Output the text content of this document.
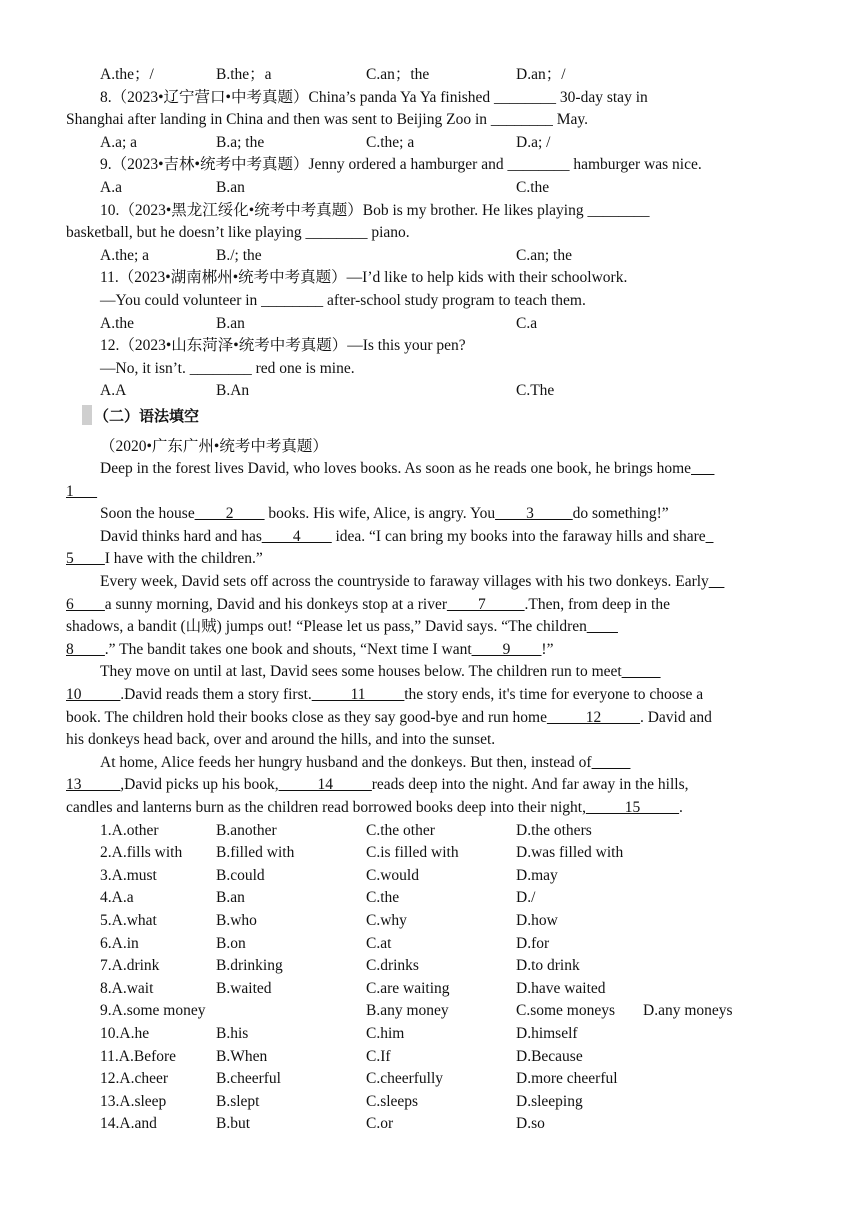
A.the；/	B.the；a	C.an；the	D.an；/
8.（2023•辽宁营口•中考真题）China’s panda Ya Ya finished ________ 30-day stay in
Shanghai after landing in China and then was sent to Beijing Zoo in ________ May.
A.a; a	B.a; the	C.the; a	D.a; /
9.（2023•吉林•统考中考真题）Jenny ordered a hamburger and ________ hamburger was nice.
A.a	B.an	C.the
10.（2023•黑龙江绥化•统考中考真题）Bob is my brother. He likes playing ________
basketball, but he doesn’t like playing ________ piano.
A.the; a	B./; the	C.an; the
11.（2023•湖南郴州•统考中考真题）—I’d like to help kids with their schoolwork.
—You could volunteer in ________ after-school study program to teach them.
A.the	B.an	C.a
12.（2023•山东菏泽•统考中考真题）—Is this your pen?
—No, it isn’t. ________ red one is mine.
A.A	B.An	C.The
（二）语法填空
（2020•广东广州•统考中考真题）
Deep in the forest lives David, who loves books. As soon as he reads one book, he brings home___
1___
Soon the house____2____ books. His wife, Alice, is angry. You____3_____do something!”
David thinks hard and has____4____ idea. “I can bring my books into the faraway hills and share_
5____I have with the children.”
Every week, David sets off across the countryside to faraway villages with his two donkeys. Early__
6____a sunny morning, David and his donkeys stop at a river____7_____.Then, from deep in the
shadows, a bandit (山贼) jumps out! “Please let us pass,” David says. “The children____
8____.” The bandit takes one book and shouts, “Next time I want____9____!”
They move on until at last, David sees some houses below. The children run to meet_____
10_____.David reads them a story first._____11_____the story ends, it's time for everyone to choose a
book. The children hold their books close as they say good-bye and run home_____12_____. David and
his donkeys head back, over and around the hills, and into the sunset.
At home, Alice feeds her hungry husband and the donkeys. But then, instead of_____
13_____,David picks up his book,_____14_____reads deep into the night. And far away in the hills,
candles and lanterns burn as the children read borrowed books deep into their night,_____15_____.
1.A.other	B.another	C.the other	D.the others
2.A.fills with B.filled with	C.is filled with	D.was filled with
3.A.must	B.could	C.would	D.may
4.A.a	B.an	C.the	D./
5.A.what	B.who	C.why	D.how
6.A.in	B.on	C.at	D.for
7.A.drink	B.drinking	C.drinks	D.to drink
8.A.wait	B.waited	C.are waiting	D.have waited
9.A.some money	B.any money	C.some moneys D.any moneys
10.A.he	B.his	C.him	D.himself
11.A.Before	B.When	C.If	D.Because
12.A.cheer	B.cheerful	C.cheerfully	D.more cheerful
13.A.sleep	B.slept	C.sleeps	D.sleeping
14.A.and	B.but	C.or	D.so
